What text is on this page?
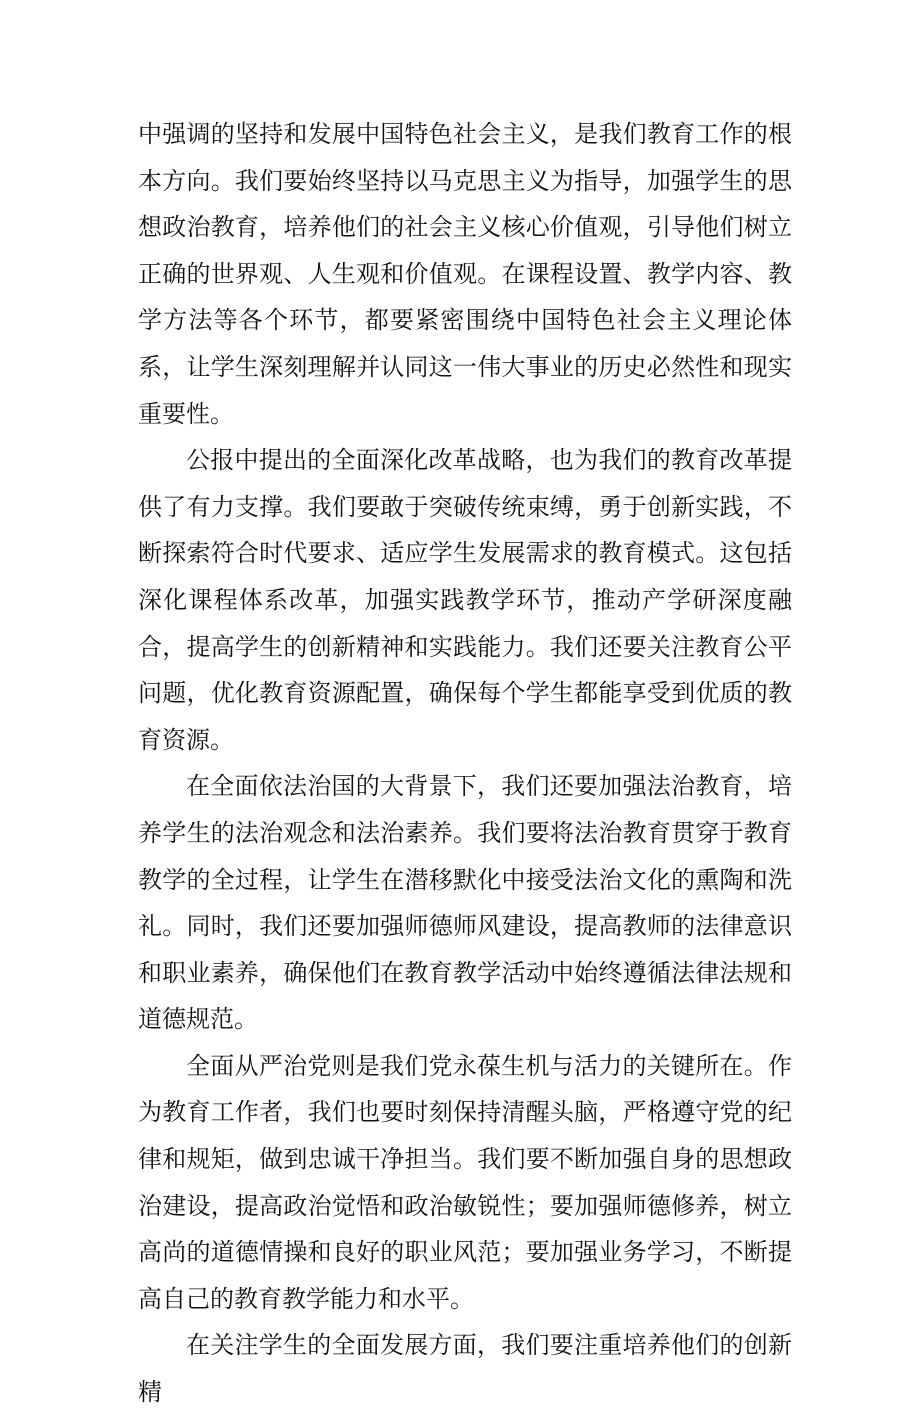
中强调的坚持和发展中国特色社会主义，是我们教育工作的根本方向。我们要始终坚持以马克思主义为指导，加强学生的思想政治教育，培养他们的社会主义核心价值观，引导他们树立正确的世界观、人生观和价值观。在课程设置、教学内容、教学方法等各个环节，都要紧密围绕中国特色社会主义理论体系，让学生深刻理解并认同这一伟大事业的历史必然性和现实重要性。

公报中提出的全面深化改革战略，也为我们的教育改革提供了有力支撑。我们要敢于突破传统束缚，勇于创新实践，不断探索符合时代要求、适应学生发展需求的教育模式。这包括深化课程体系改革，加强实践教学环节，推动产学研深度融合，提高学生的创新精神和实践能力。我们还要关注教育公平问题，优化教育资源配置，确保每个学生都能享受到优质的教育资源。

在全面依法治国的大背景下，我们还要加强法治教育，培养学生的法治观念和法治素养。我们要将法治教育贯穿于教育教学的全过程，让学生在潜移默化中接受法治文化的熏陶和洗礼。同时，我们还要加强师德师风建设，提高教师的法律意识和职业素养，确保他们在教育教学活动中始终遵循法律法规和道德规范。

全面从严治党则是我们党永葆生机与活力的关键所在。作为教育工作者，我们也要时刻保持清醒头脑，严格遵守党的纪律和规矩，做到忠诚干净担当。我们要不断加强自身的思想政治建设，提高政治觉悟和政治敏锐性；要加强师德修养，树立高尚的道德情操和良好的职业风范；要加强业务学习，不断提高自己的教育教学能力和水平。

在关注学生的全面发展方面，我们要注重培养他们的创新精
